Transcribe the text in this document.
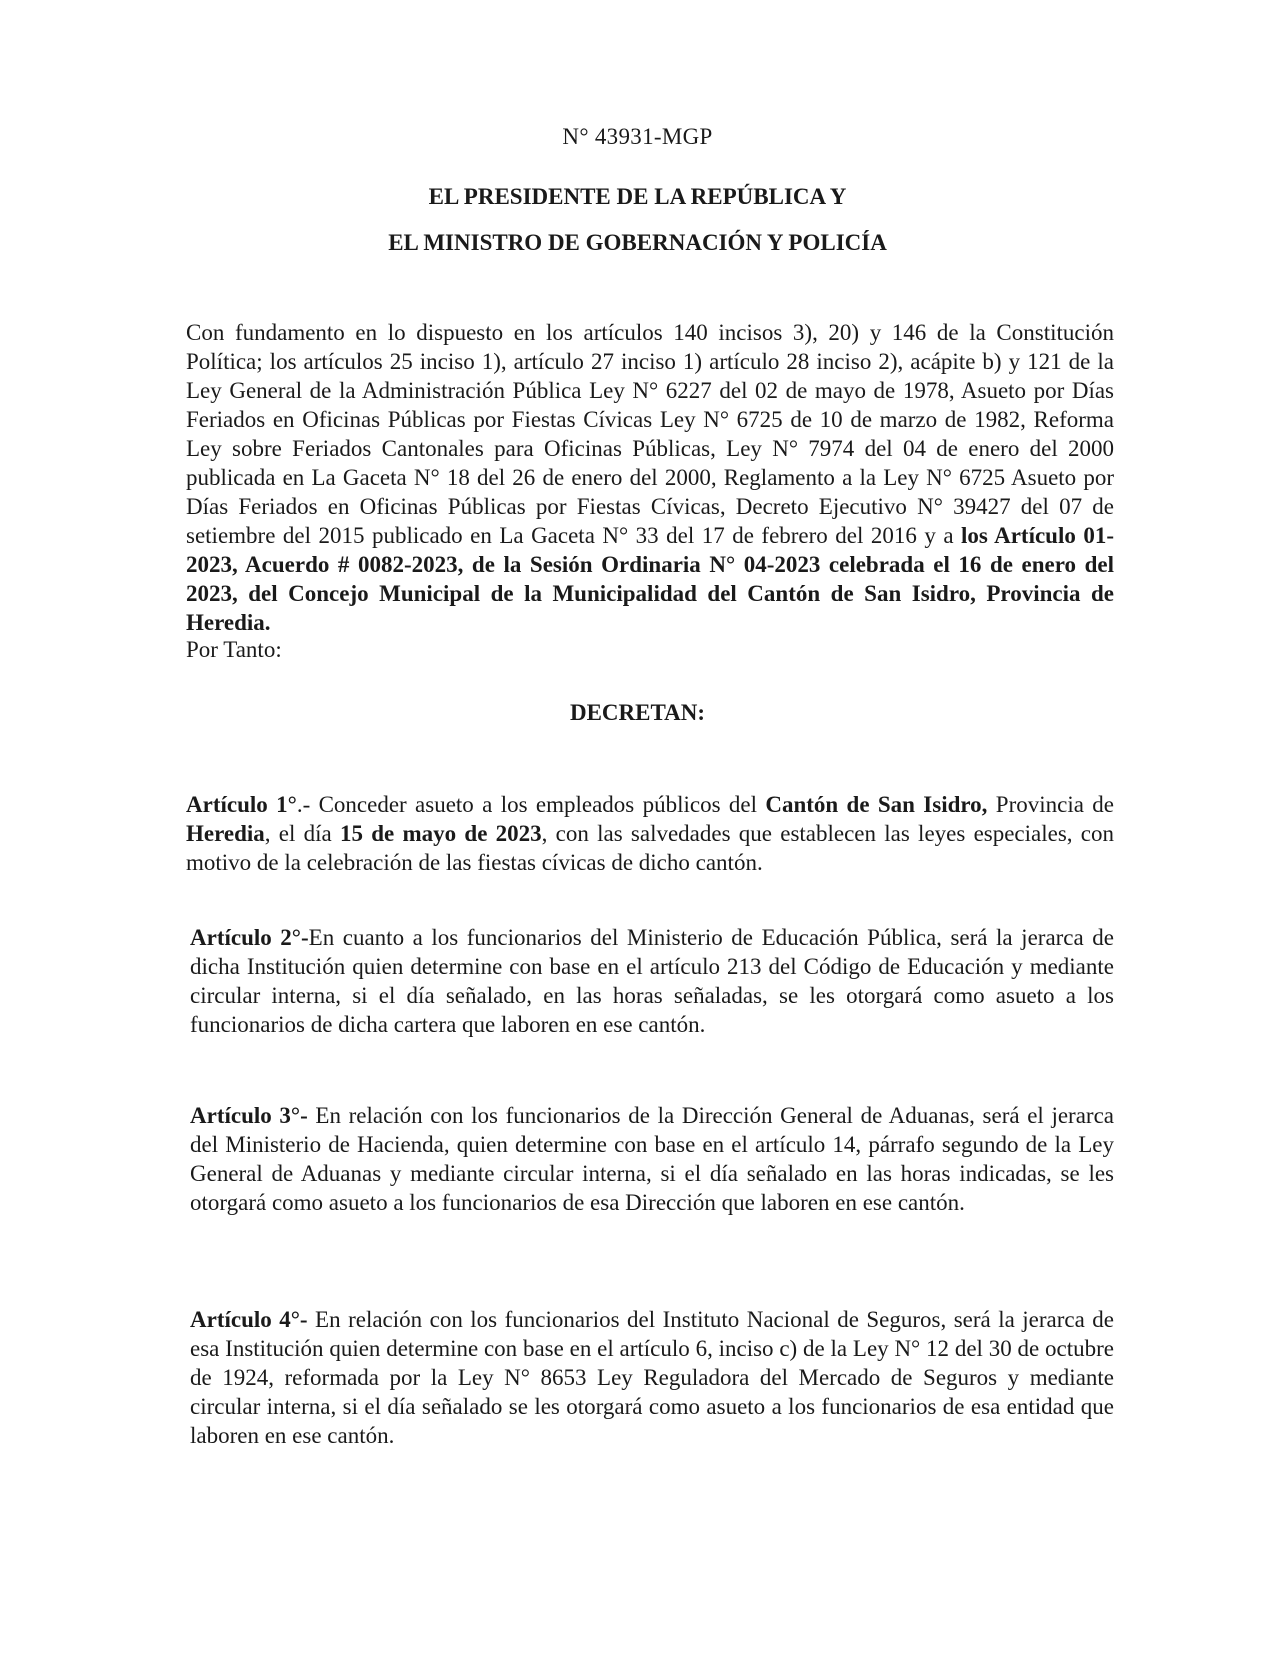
N° 43931-MGP
EL PRESIDENTE DE LA REPÚBLICA Y
EL MINISTRO DE GOBERNACIÓN Y POLICÍA
Con fundamento en lo dispuesto en los artículos 140 incisos 3), 20) y 146 de la Constitución Política; los artículos 25 inciso 1), artículo 27 inciso 1) artículo 28 inciso 2), acápite b) y 121 de la Ley General de la Administración Pública Ley N° 6227 del 02 de mayo de 1978, Asueto por Días Feriados en Oficinas Públicas por Fiestas Cívicas Ley N° 6725 de 10 de marzo de 1982, Reforma Ley sobre Feriados Cantonales para Oficinas Públicas, Ley N° 7974 del 04 de enero del 2000 publicada en La Gaceta N° 18 del 26 de enero del 2000, Reglamento a la Ley N° 6725 Asueto por Días Feriados en Oficinas Públicas por Fiestas Cívicas, Decreto Ejecutivo N° 39427 del 07 de setiembre del 2015 publicado en La Gaceta N° 33 del 17 de febrero del 2016 y a los Artículo 01-2023, Acuerdo # 0082-2023, de la Sesión Ordinaria N° 04-2023 celebrada el 16 de enero del 2023, del Concejo Municipal de la Municipalidad del Cantón de San Isidro, Provincia de Heredia.
Por Tanto:
DECRETAN:
Artículo 1°.- Conceder asueto a los empleados públicos del Cantón de San Isidro, Provincia de Heredia, el día 15 de mayo de 2023, con las salvedades que establecen las leyes especiales, con motivo de la celebración de las fiestas cívicas de dicho cantón.
Artículo 2°-En cuanto a los funcionarios del Ministerio de Educación Pública, será la jerarca de dicha Institución quien determine con base en el artículo 213 del Código de Educación y mediante circular interna, si el día señalado, en las horas señaladas, se les otorgará como asueto a los funcionarios de dicha cartera que laboren en ese cantón.
Artículo 3°- En relación con los funcionarios de la Dirección General de Aduanas, será el jerarca del Ministerio de Hacienda, quien determine con base en el artículo 14, párrafo segundo de la Ley General de Aduanas y mediante circular interna, si el día señalado en las horas indicadas, se les otorgará como asueto a los funcionarios de esa Dirección que laboren en ese cantón.
Artículo 4°- En relación con los funcionarios del Instituto Nacional de Seguros, será la jerarca de esa Institución quien determine con base en el artículo 6, inciso c) de la Ley N° 12 del 30 de octubre de 1924, reformada por la Ley N° 8653 Ley Reguladora del Mercado de Seguros y mediante circular interna, si el día señalado se les otorgará como asueto a los funcionarios de esa entidad que laboren en ese cantón.
